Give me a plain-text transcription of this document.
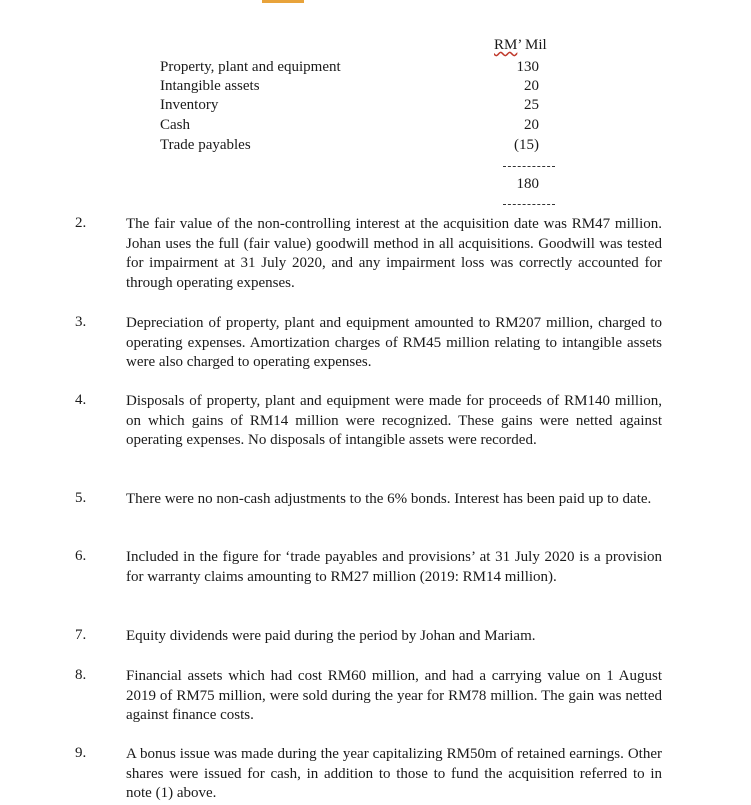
RM’ Mil
Property, plant and equipment	130
Intangible assets	20
Inventory	25
Cash	20
Trade payables	(15)
180
2.	The fair value of the non-controlling interest at the acquisition date was RM47 million. Johan uses the full (fair value) goodwill method in all acquisitions. Goodwill was tested for impairment at 31 July 2020, and any impairment loss was correctly accounted for through operating expenses.
3.	Depreciation of property, plant and equipment amounted to RM207 million, charged to operating expenses. Amortization charges of RM45 million relating to intangible assets were also charged to operating expenses.
4.	Disposals of property, plant and equipment were made for proceeds of RM140 million, on which gains of RM14 million were recognized. These gains were netted against operating expenses. No disposals of intangible assets were recorded.
5.	There were no non-cash adjustments to the 6% bonds. Interest has been paid up to date.
6.	Included in the figure for ‘trade payables and provisions’ at 31 July 2020 is a provision for warranty claims amounting to RM27 million (2019: RM14 million).
7.	Equity dividends were paid during the period by Johan and Mariam.
8.	Financial assets which had cost RM60 million, and had a carrying value on 1 August 2019 of RM75 million, were sold during the year for RM78 million. The gain was netted against finance costs.
9.	A bonus issue was made during the year capitalizing RM50m of retained earnings. Other shares were issued for cash, in addition to those to fund the acquisition referred to in note (1) above.
